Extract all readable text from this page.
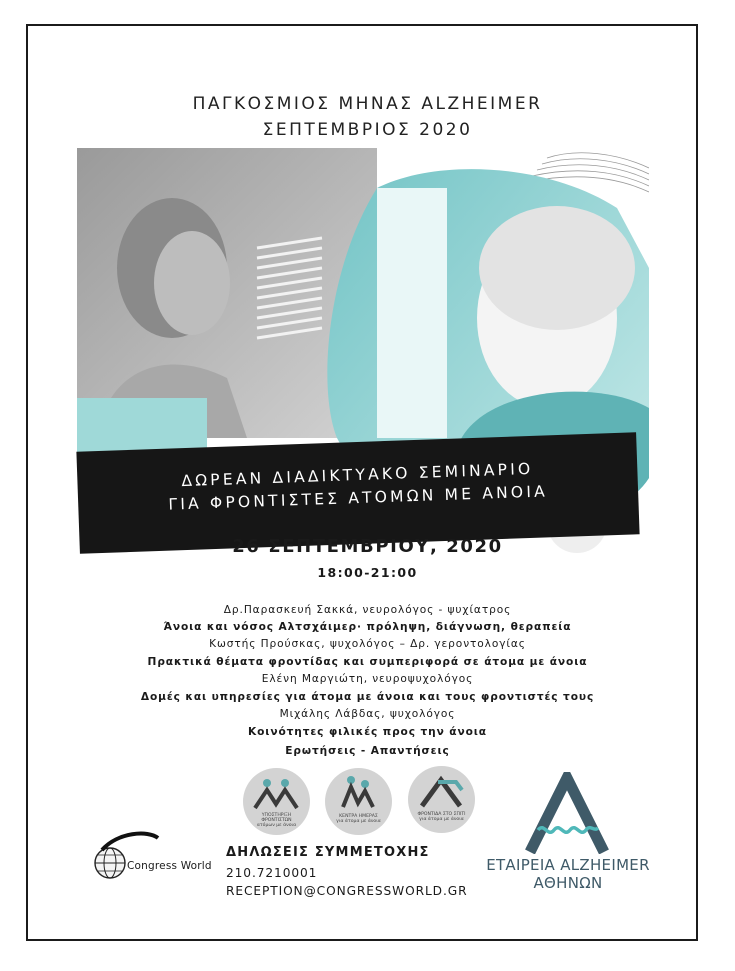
ΠΑΓΚΟΣΜΙΟΣ ΜΗΝΑΣ ALZHEIMER
ΣΕΠΤΕΜΒΡΙΟΣ 2020
ΔΩΡΕΑΝ ΔΙΑΔΙΚΤΥΑΚΟ ΣΕΜΙΝΑΡΙΟ
ΓΙΑ ΦΡΟΝΤΙΣΤΕΣ ΑΤΟΜΩΝ ΜΕ ΑΝΟΙΑ
26 ΣΕΠΤΕΜΒΡΙΟΥ, 2020
18:00-21:00
Δρ.Παρασκευή Σακκά, νευρολόγος - ψυχίατρος
Άνοια και νόσος Αλτσχάιμερ· πρόληψη, διάγνωση, θεραπεία
Κωστής Προύσκας, ψυχολόγος – Δρ. γεροντολογίας
Πρακτικά θέματα φροντίδας και συμπεριφορά σε άτομα με άνοια
Ελένη Μαργιώτη, νευροψυχολόγος
Δομές και υπηρεσίες για άτομα με άνοια και τους φροντιστές τους
Μιχάλης Λάβδας, ψυχολόγος
Κοινότητες φιλικές προς την άνοια
Ερωτήσεις - Απαντήσεις
ΥΠΟΣΤΗΡΙΞΗ
ΦΡΟΝΤΙΣΤΩΝ
ατόμων με άνοια
ΚΕΝΤΡΑ ΗΜΕΡΑΣ
για άτομα με άνοια
ΦΡΟΝΤΙΔΑ ΣΤΟ ΣΠΙΤΙ
για άτομα με άνοια
Congress World
ΔΗΛΩΣΕΙΣ ΣΥΜΜΕΤΟΧΗΣ
210.7210001
RECEPTION@CONGRESSWORLD.GR
ΕΤΑΙΡΕΙΑ ALZHEIMER
ΑΘΗΝΩΝ
